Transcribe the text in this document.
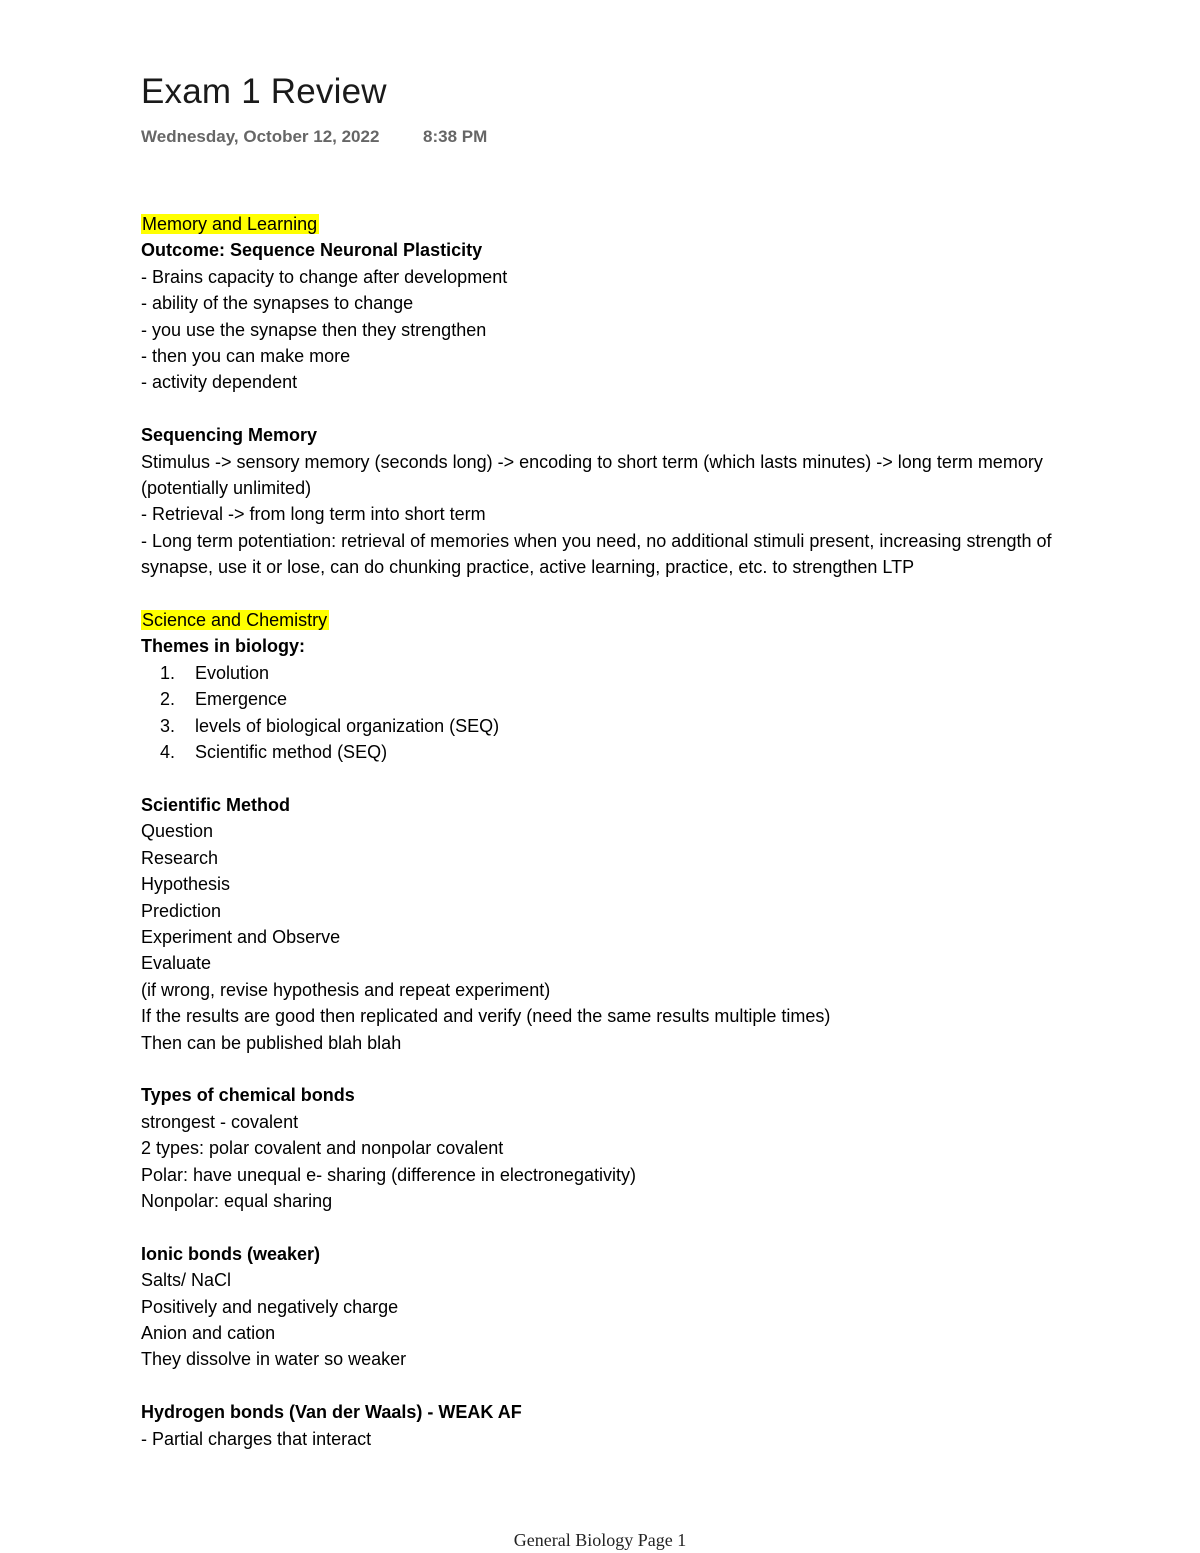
Exam 1 Review
Wednesday, October 12, 2022	8:38 PM
Memory and Learning
Outcome: Sequence Neuronal Plasticity
- Brains capacity to change after development
- ability of the synapses to change
- you use the synapse then they strengthen
- then you can make more
- activity dependent
Sequencing Memory
Stimulus -> sensory memory (seconds long) -> encoding to short term (which lasts minutes) -> long term memory (potentially unlimited)
- Retrieval -> from long term into short term
- Long term potentiation: retrieval of memories when you need, no additional stimuli present, increasing strength of synapse, use it or lose, can do chunking practice, active learning, practice, etc. to strengthen LTP
Science and Chemistry
Themes in biology:
1. Evolution
2. Emergence
3. levels of biological organization (SEQ)
4. Scientific method (SEQ)
Scientific Method
Question
Research
Hypothesis
Prediction
Experiment and Observe
Evaluate
(if wrong, revise hypothesis and repeat experiment)
If the results are good then replicated and verify (need the same results multiple times)
Then can be published blah blah
Types of chemical bonds
strongest - covalent
2 types: polar covalent and nonpolar covalent
Polar: have unequal e- sharing (difference in electronegativity)
Nonpolar: equal sharing
Ionic bonds (weaker)
Salts/ NaCl
Positively and negatively charge
Anion and cation
They dissolve in water so weaker
Hydrogen bonds (Van der Waals) - WEAK AF
- Partial charges that interact
General Biology Page 1
